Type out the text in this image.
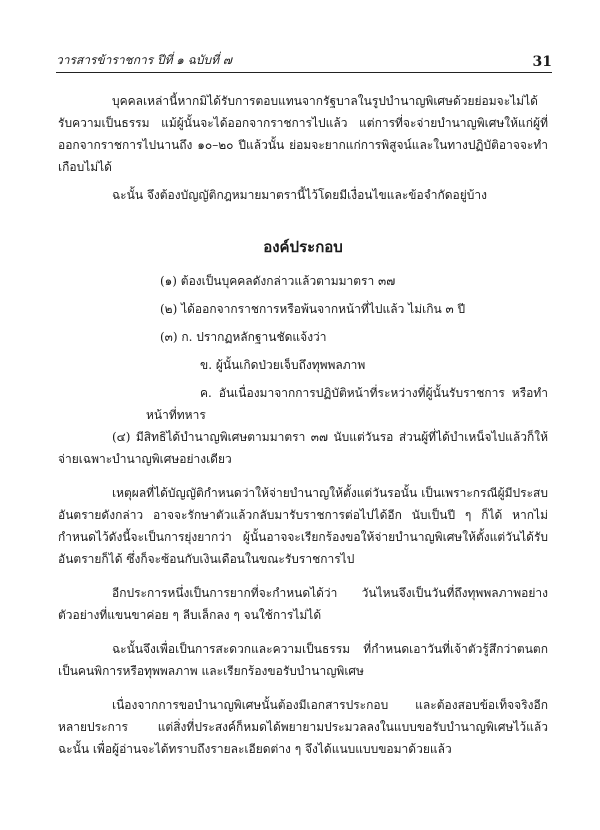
วารสารข้าราชการ ปีที่ ๑ ฉบับที่ ๗	31

บุคคลเหล่านี้หากมิได้รับการตอบแทนจากรัฐบาลในรูปบำนาญพิเศษด้วยย่อมจะไม่ได้รับความเป็นธรรม แม้ผู้นั้นจะได้ออกจากราชการไปแล้ว แต่การที่จะจ่ายบำนาญพิเศษให้แก่ผู้ที่ออกจากราชการไปนานถึง ๑๐–๒๐ ปีแล้วนั้น ย่อมจะยากแก่การพิสูจน์และในทางปฏิบัติอาจจะทำเกือบไม่ได้

ฉะนั้น จึงต้องบัญญัติกฎหมายมาตรานี้ไว้โดยมีเงื่อนไขและข้อจำกัดอยู่บ้าง

องค์ประกอบ

(๑) ต้องเป็นบุคคลดังกล่าวแล้วตามมาตรา ๓๗

(๒) ได้ออกจากราชการหรือพ้นจากหน้าที่ไปแล้ว ไม่เกิน ๓ ปี

(๓) ก. ปรากฏหลักฐานชัดแจ้งว่า

ข. ผู้นั้นเกิดป่วยเจ็บถึงทุพพลภาพ

ค. อันเนื่องมาจากการปฏิบัติหน้าที่ระหว่างที่ผู้นั้นรับราชการ หรือทำหน้าที่ทหาร

(๔) มีสิทธิได้บำนาญพิเศษตามมาตรา ๓๗ นับแต่วันรอ ส่วนผู้ที่ได้บำเหน็จไปแล้วก็ให้จ่ายเฉพาะบำนาญพิเศษอย่างเดียว

เหตุผลที่ได้บัญญัติกำหนดว่าให้จ่ายบำนาญให้ตั้งแต่วันรอนั้น เป็นเพราะกรณีผู้มีประสบอันตรายดังกล่าว อาจจะรักษาตัวแล้วกลับมารับราชการต่อไปได้อีก นับเป็นปี ๆ ก็ได้ หากไม่กำหนดไว้ดังนี้จะเป็นการยุ่งยากว่า ผู้นั้นอาจจะเรียกร้องขอให้จ่ายบำนาญพิเศษให้ตั้งแต่วันได้รับอันตรายก็ได้ ซึ่งก็จะซ้อนกับเงินเดือนในขณะรับราชการไป

อีกประการหนึ่งเป็นการยากที่จะกำหนดได้ว่า วันไหนจึงเป็นวันที่ถึงทุพพลภาพอย่างตัวอย่างที่แขนขาค่อย ๆ ลีบเล็กลง ๆ จนใช้การไม่ได้

ฉะนั้นจึงเพื่อเป็นการสะดวกและความเป็นธรรม ที่กำหนดเอาวันที่เจ้าตัวรู้สึกว่าตนตกเป็นคนพิการหรือทุพพลภาพ และเรียกร้องขอรับบำนาญพิเศษ

เนื่องจากการขอบำนาญพิเศษนั้นต้องมีเอกสารประกอบ และต้องสอบข้อเท็จจริงอีกหลายประการ แต่สิ่งที่ประสงค์ก็หมดได้พยายามประมวลลงในแบบขอรับบำนาญพิเศษไว้แล้ว ฉะนั้น เพื่อผู้อ่านจะได้ทราบถึงรายละเอียดต่าง ๆ จึงได้แนบแบบขอมาด้วยแล้ว
